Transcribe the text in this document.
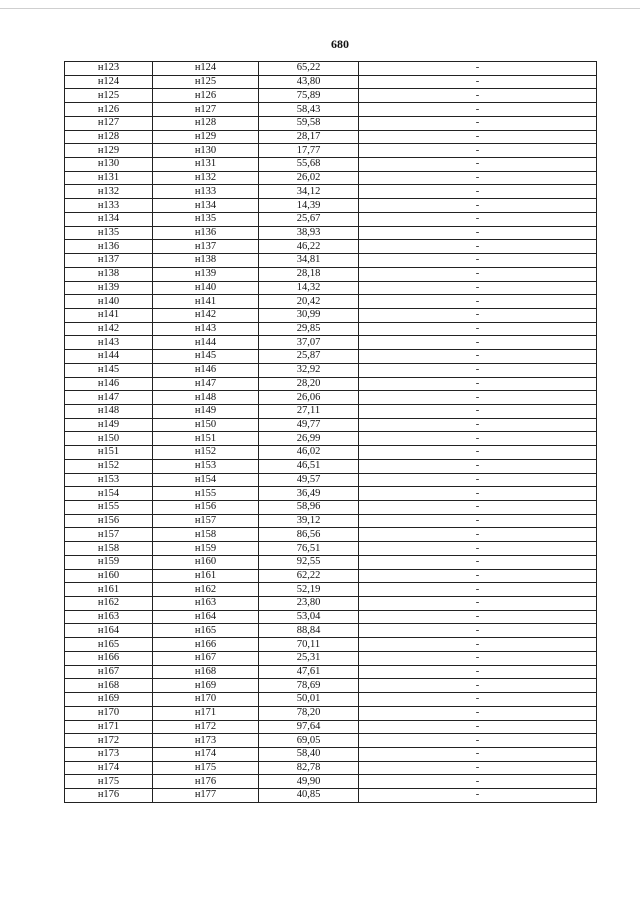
680
н123	н124	65,22	-
н124	н125	43,80	-
н125	н126	75,89	-
н126	н127	58,43	-
н127	н128	59,58	-
н128	н129	28,17	-
н129	н130	17,77	-
н130	н131	55,68	-
н131	н132	26,02	-
н132	н133	34,12	-
н133	н134	14,39	-
н134	н135	25,67	-
н135	н136	38,93	-
н136	н137	46,22	-
н137	н138	34,81	-
н138	н139	28,18	-
н139	н140	14,32	-
н140	н141	20,42	-
н141	н142	30,99	-
н142	н143	29,85	-
н143	н144	37,07	-
н144	н145	25,87	-
н145	н146	32,92	-
н146	н147	28,20	-
н147	н148	26,06	-
н148	н149	27,11	-
н149	н150	49,77	-
н150	н151	26,99	-
н151	н152	46,02	-
н152	н153	46,51	-
н153	н154	49,57	-
н154	н155	36,49	-
н155	н156	58,96	-
н156	н157	39,12	-
н157	н158	86,56	-
н158	н159	76,51	-
н159	н160	92,55	-
н160	н161	62,22	-
н161	н162	52,19	-
н162	н163	23,80	-
н163	н164	53,04	-
н164	н165	88,84	-
н165	н166	70,11	-
н166	н167	25,31	-
н167	н168	47,61	-
н168	н169	78,69	-
н169	н170	50,01	-
н170	н171	78,20	-
н171	н172	97,64	-
н172	н173	69,05	-
н173	н174	58,40	-
н174	н175	82,78	-
н175	н176	49,90	-
н176	н177	40,85	-
